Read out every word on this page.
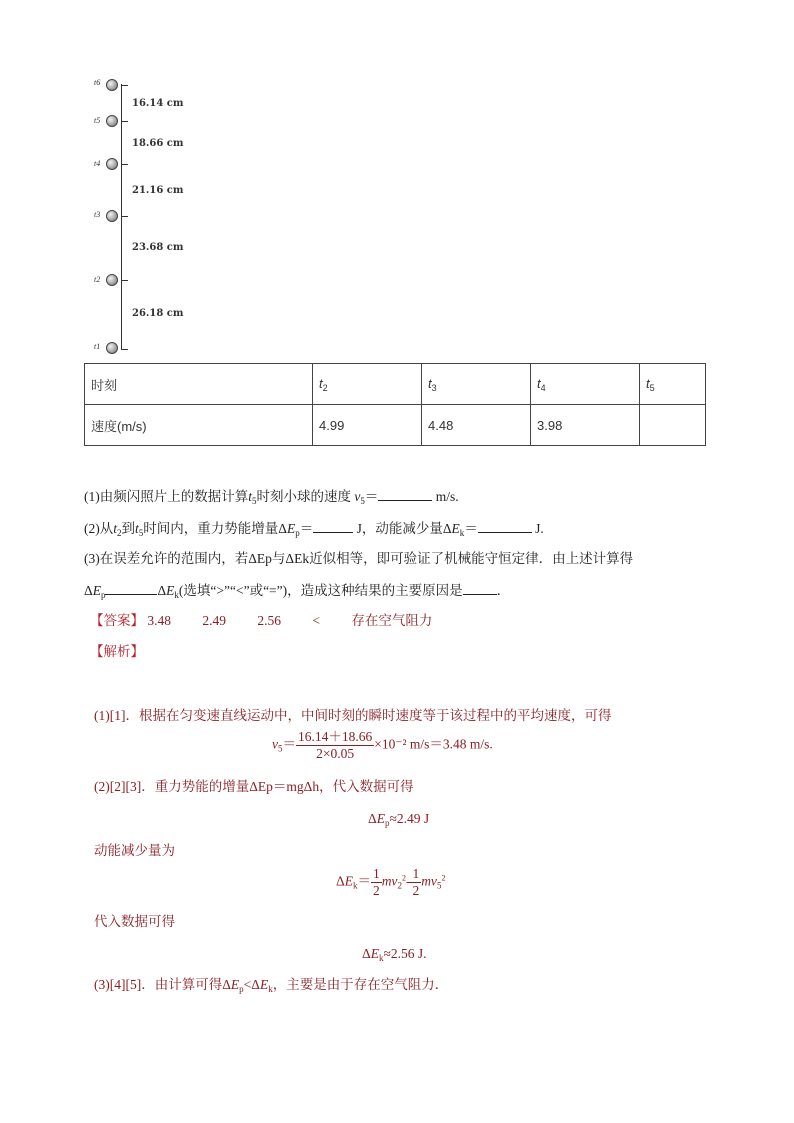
t6
16.14 cm
t5
18.66 cm
t4
21.16 cm
t3
23.68 cm
t2
26.18 cm
t1
时刻	$t_2$	$t_3$	$t_4$	$t_5$
速度(m/s)	4.99	4.48	3.98	
(1)由频闪照片上的数据计算$t_5$时刻小球的速度 $v_5=$	m/s.
(2)从$t_2$到$t_5$时间内，重力势能增量$\Delta E_p=$	J，动能减少量$\Delta E_k=$	J.
(3)在误差允许的范围内，若ΔEp与ΔEk近似相等，即可验证了机械能守恒定律．由上述计算得
$\Delta E_p$	$\Delta E_k$(选填“>”“<”或“=”)，造成这种结果的主要原因是	．
【答案】 3.48 2.49 2.56 < 存在空气阻力
【解析】
(1)[1]．根据在匀变速直线运动中，中间时刻的瞬时速度等于该过程中的平均速度，可得
$v_5= \frac{16.14+18.66}{2\times 0.05} \times 10^{-2}$ m/s＝3.48 m/s.
(2)[2][3]．重力势能的增量ΔEp＝mgΔh，代入数据可得
$\Delta E_p\approx 2.49$ J
动能减少量为
$\Delta E_k= \frac{1}{2} mv_2^2- \frac{1}{2} mv_5^2$
代入数据可得
$\Delta E_k\approx 2.56$ J.
(3)[4][5]．由计算可得$\Delta E_p<\Delta E_k$，主要是由于存在空气阻力．
